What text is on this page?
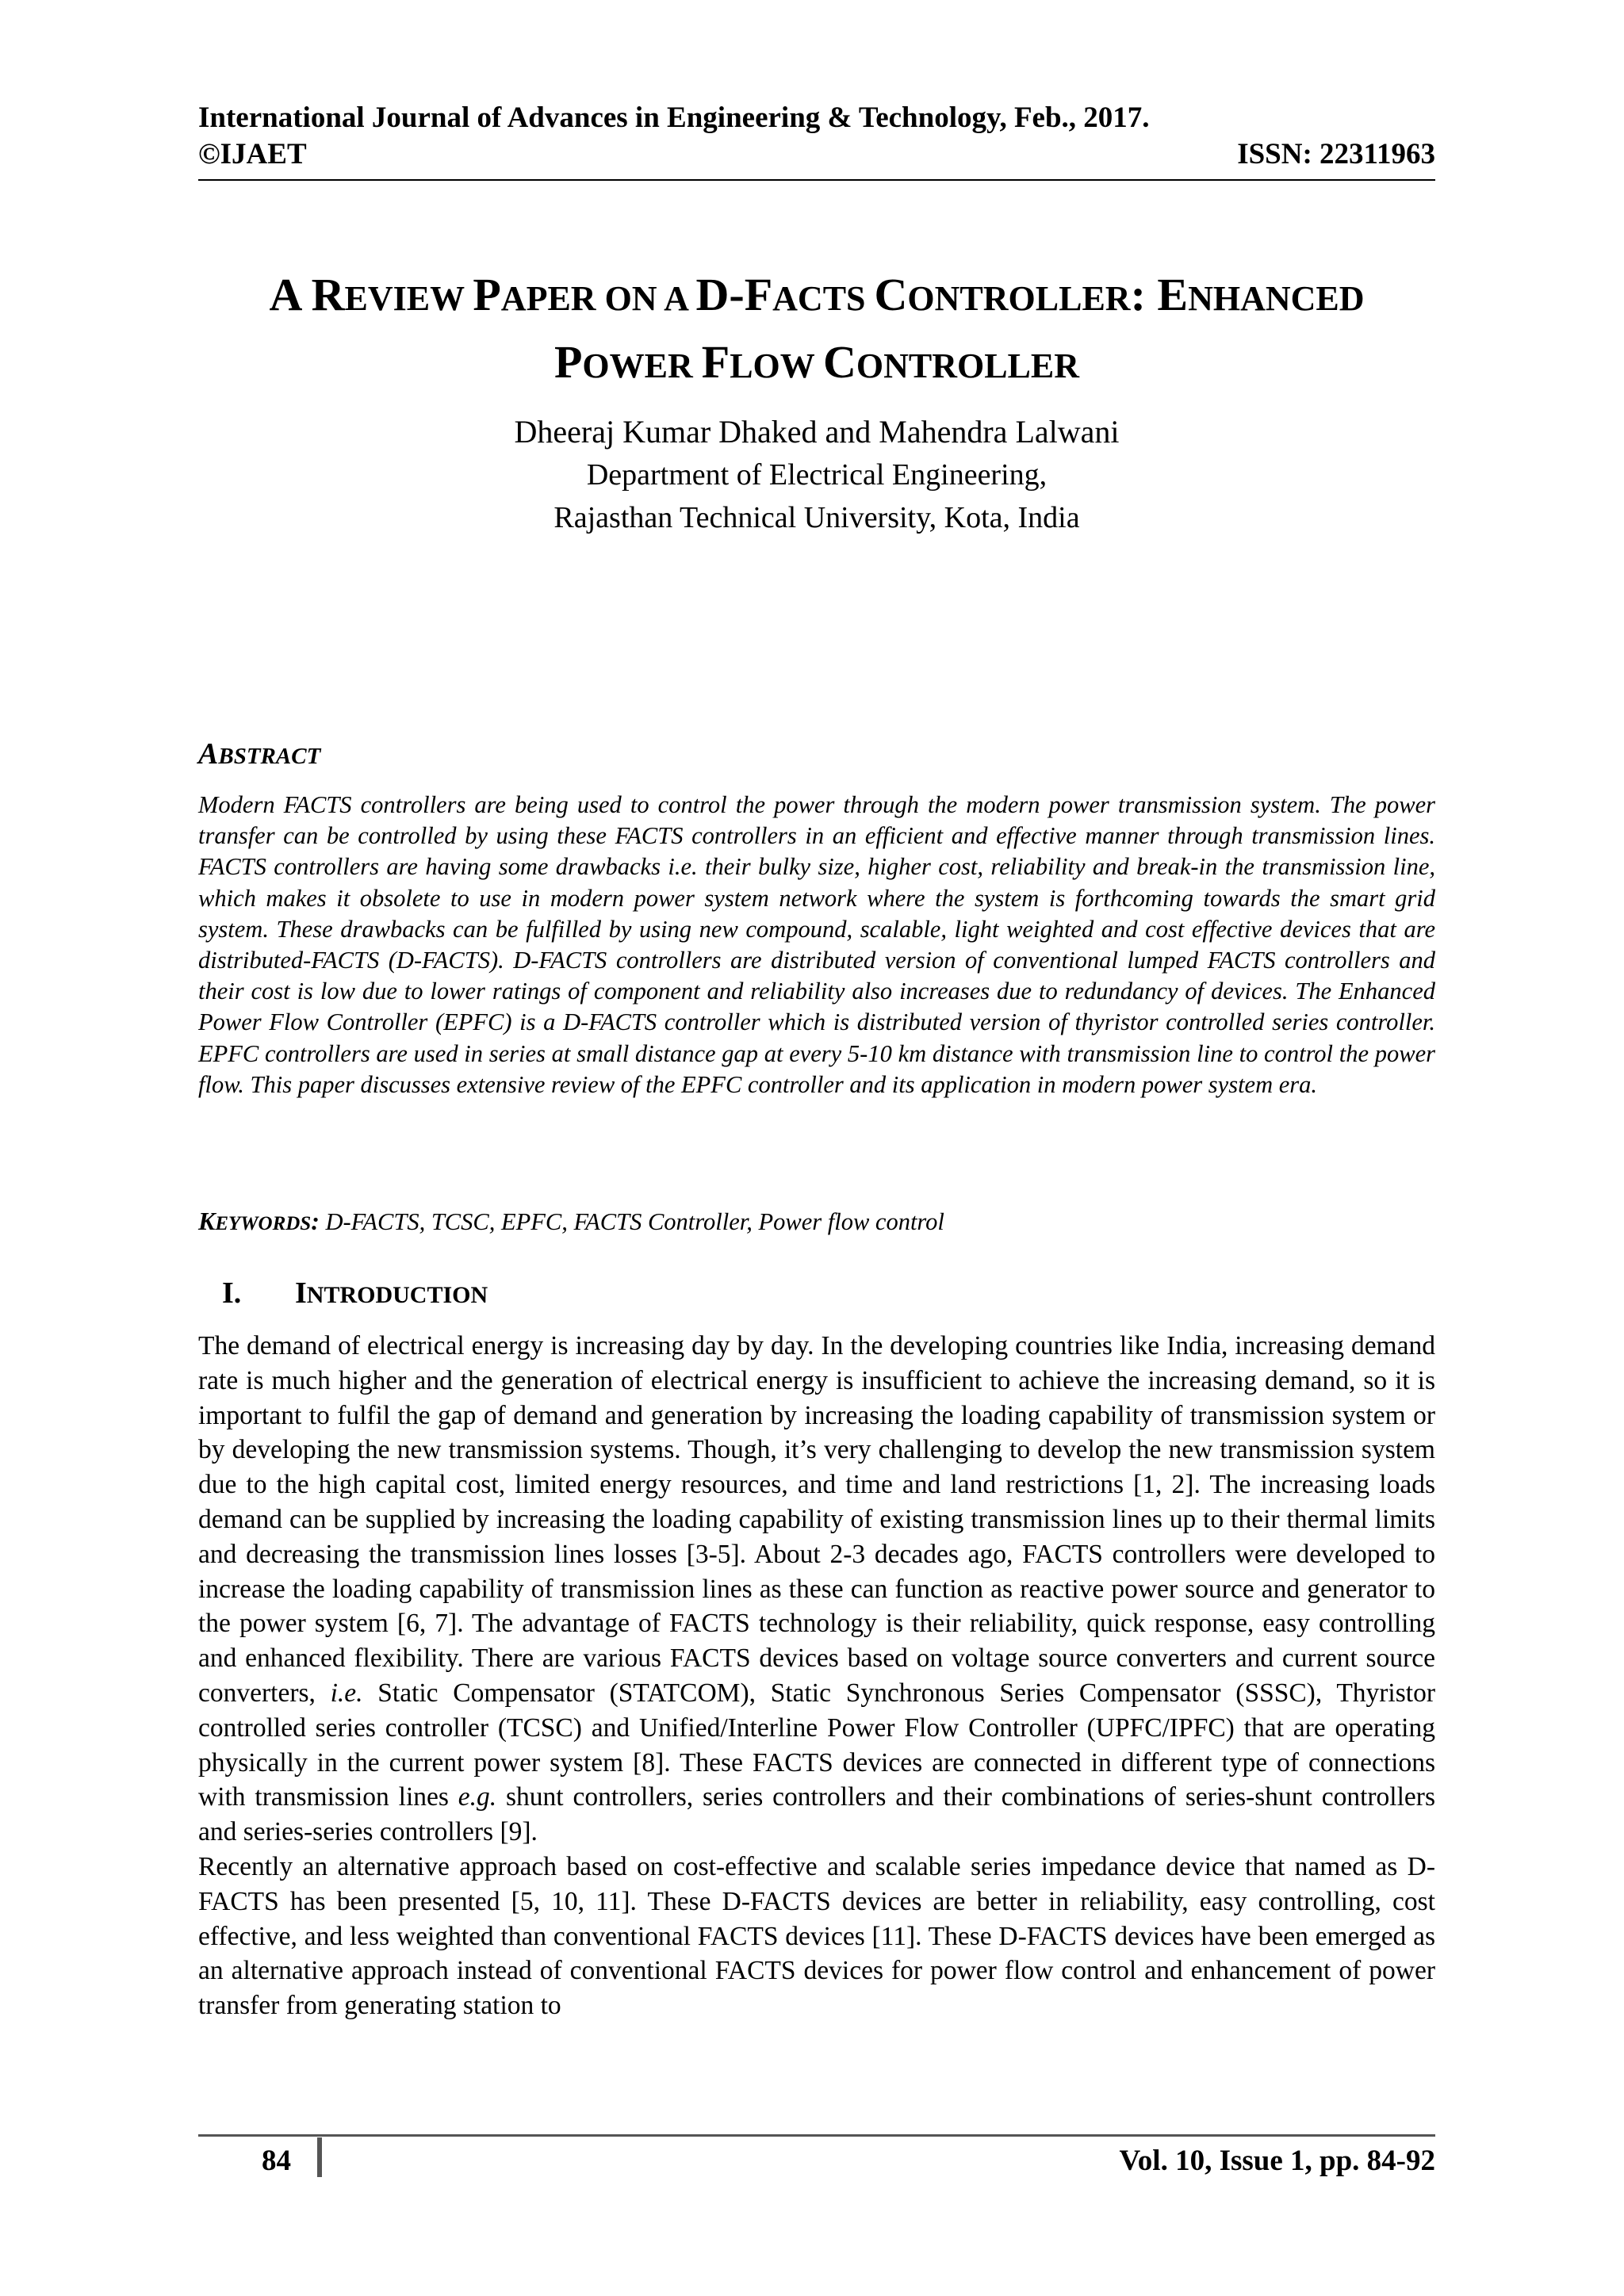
International Journal of Advances in Engineering & Technology, Feb., 2017.
©IJAET	ISSN: 22311963
A REVIEW PAPER ON A D-FACTS CONTROLLER: ENHANCED
POWER FLOW CONTROLLER
Dheeraj Kumar Dhaked and Mahendra Lalwani
Department of Electrical Engineering,
Rajasthan Technical University, Kota, India
ABSTRACT
Modern FACTS controllers are being used to control the power through the modern power transmission system. The power transfer can be controlled by using these FACTS controllers in an efficient and effective manner through transmission lines. FACTS controllers are having some drawbacks i.e. their bulky size, higher cost, reliability and break-in the transmission line, which makes it obsolete to use in modern power system network where the system is forthcoming towards the smart grid system. These drawbacks can be fulfilled by using new compound, scalable, light weighted and cost effective devices that are distributed-FACTS (D-FACTS). D-FACTS controllers are distributed version of conventional lumped FACTS controllers and their cost is low due to lower ratings of component and reliability also increases due to redundancy of devices. The Enhanced Power Flow Controller (EPFC) is a D-FACTS controller which is distributed version of thyristor controlled series controller. EPFC controllers are used in series at small distance gap at every 5-10 km distance with transmission line to control the power flow. This paper discusses extensive review of the EPFC controller and its application in modern power system era.
KEYWORDS: D-FACTS, TCSC, EPFC, FACTS Controller, Power flow control
I. INTRODUCTION

The demand of electrical energy is increasing day by day. In the developing countries like India, increasing demand rate is much higher and the generation of electrical energy is insufficient to achieve the increasing demand, so it is important to fulfil the gap of demand and generation by increasing the loading capability of transmission system or by developing the new transmission systems. Though, it’s very challenging to develop the new transmission system due to the high capital cost, limited energy resources, and time and land restrictions [1, 2]. The increasing loads demand can be supplied by increasing the loading capability of existing transmission lines up to their thermal limits and decreasing the transmission lines losses [3-5]. About 2-3 decades ago, FACTS controllers were developed to increase the loading capability of transmission lines as these can function as reactive power source and generator to the power system [6, 7]. The advantage of FACTS technology is their reliability, quick response, easy controlling and enhanced flexibility. There are various FACTS devices based on voltage source converters and current source converters, i.e. Static Compensator (STATCOM), Static Synchronous Series Compensator (SSSC), Thyristor controlled series controller (TCSC) and Unified/Interline Power Flow Controller (UPFC/IPFC) that are operating physically in the current power system [8]. These FACTS devices are connected in different type of connections with transmission lines e.g. shunt controllers, series controllers and their combinations of series-shunt controllers and series-series controllers [9].

Recently an alternative approach based on cost-effective and scalable series impedance device that named as D-FACTS has been presented [5, 10, 11]. These D-FACTS devices are better in reliability, easy controlling, cost effective, and less weighted than conventional FACTS devices [11]. These D-FACTS devices have been emerged as an alternative approach instead of conventional FACTS devices for power flow control and enhancement of power transfer from generating station to

84	Vol. 10, Issue 1, pp. 84-92
